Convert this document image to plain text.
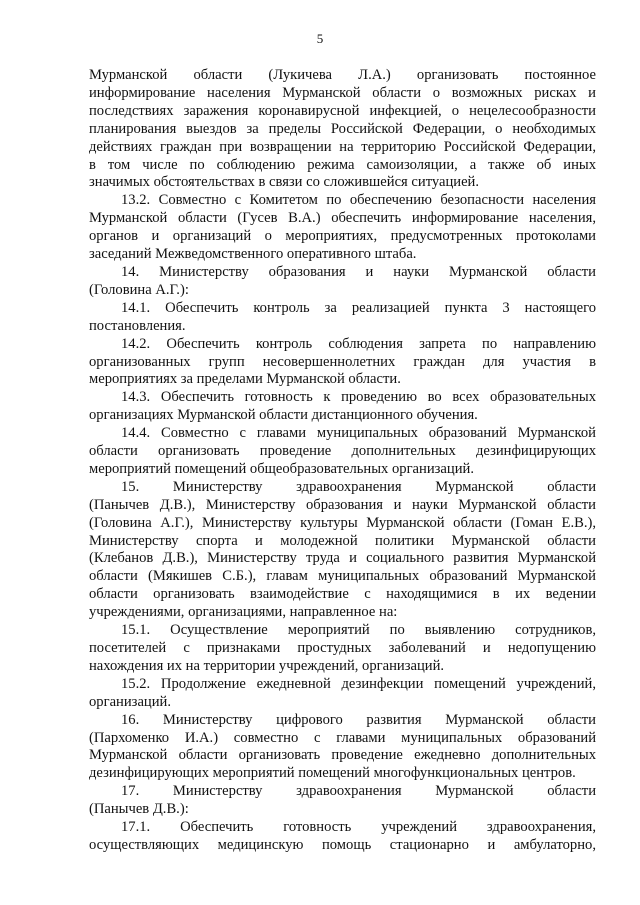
5
Мурманской области (Лукичева Л.А.) организовать постоянное
информирование населения Мурманской области о возможных рисках и
последствиях заражения коронавирусной инфекцией, о нецелесообразности
планирования выездов за пределы Российской Федерации, о необходимых
действиях граждан при возвращении на территорию Российской Федерации,
в том числе по соблюдению режима самоизоляции, а также об иных
значимых обстоятельствах в связи со сложившейся ситуацией.
13.2. Совместно с Комитетом по обеспечению безопасности населения
Мурманской области (Гусев В.А.) обеспечить информирование населения,
органов и организаций о мероприятиях, предусмотренных протоколами
заседаний Межведомственного оперативного штаба.
14. Министерству образования и науки Мурманской области
(Головина А.Г.):
14.1. Обеспечить контроль за реализацией пункта 3 настоящего
постановления.
14.2. Обеспечить контроль соблюдения запрета по направлению
организованных групп несовершеннолетних граждан для участия в
мероприятиях за пределами Мурманской области.
14.3. Обеспечить готовность к проведению во всех образовательных
организациях Мурманской области дистанционного обучения.
14.4. Совместно с главами муниципальных образований Мурманской
области организовать проведение дополнительных дезинфицирующих
мероприятий помещений общеобразовательных организаций.
15. Министерству здравоохранения Мурманской области
(Панычев Д.В.), Министерству образования и науки Мурманской области
(Головина А.Г.), Министерству культуры Мурманской области (Гоман Е.В.),
Министерству спорта и молодежной политики Мурманской области
(Клебанов Д.В.), Министерству труда и социального развития Мурманской
области (Мякишев С.Б.), главам муниципальных образований Мурманской
области организовать взаимодействие с находящимися в их ведении
учреждениями, организациями, направленное на:
15.1. Осуществление мероприятий по выявлению сотрудников,
посетителей с признаками простудных заболеваний и недопущению
нахождения их на территории учреждений, организаций.
15.2. Продолжение ежедневной дезинфекции помещений учреждений,
организаций.
16. Министерству цифрового развития Мурманской области
(Пархоменко И.А.) совместно с главами муниципальных образований
Мурманской области организовать проведение ежедневно дополнительных
дезинфицирующих мероприятий помещений многофункциональных центров.
17. Министерству здравоохранения Мурманской области
(Панычев Д.В.):
17.1. Обеспечить готовность учреждений здравоохранения,
осуществляющих медицинскую помощь стационарно и амбулаторно,
